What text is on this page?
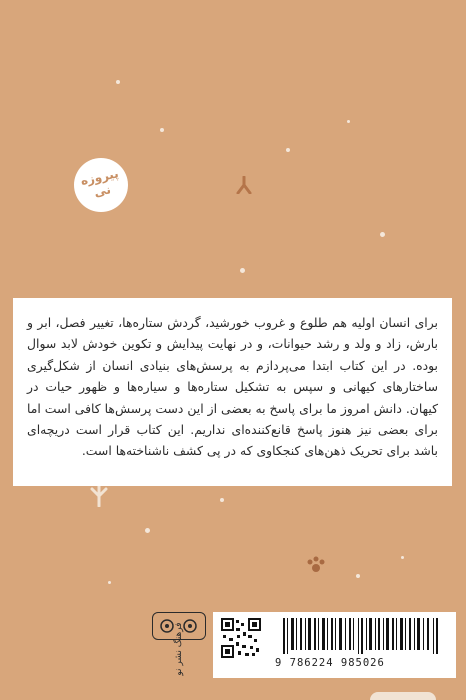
پیروزه نی

برای انسان اولیه هم طلوع و غروب خورشید، گردش ستاره‌ها، تغییر فصل، ابر و بارش، زاد و ولد و رشد حیوانات، و در نهایت پیدایش و تکوین خودش لابد سوال بوده. در این کتاب ابتدا می‌پردازم به پرسش‌های بنیادی انسان از شکل‌گیری ساختارهای کیهانی و سپس به تشکیل ستاره‌ها و سیاره‌ها و ظهور حیات در کیهان. دانش امروز ما برای پاسخ به بعضی از این دست پرسش‌ها کافی است اما برای بعضی نیز هنوز پاسخ قانع‌کننده‌ای نداریم. این کتاب قرار است دریچه‌ای باشد برای تحریک ذهن‌های کنجکاوی که در پی کشف ناشناخته‌ها است.

فرهنگ نشر نو	9 786224 985026
